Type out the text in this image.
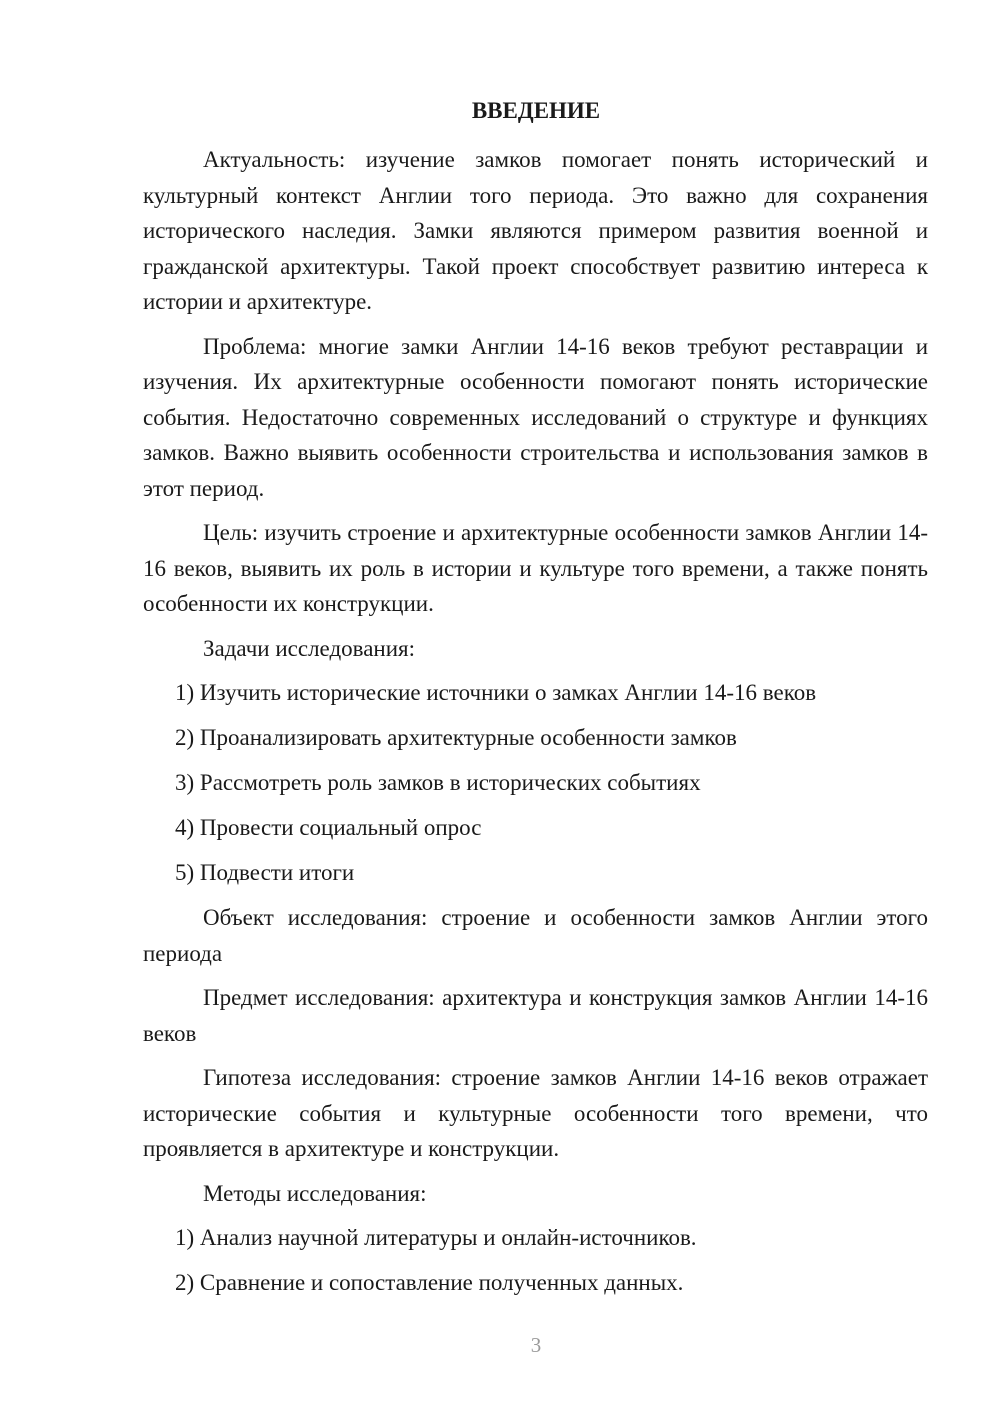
ВВЕДЕНИЕ

Актуальность: изучение замков помогает понять исторический и культурный контекст Англии того периода. Это важно для сохранения исторического наследия. Замки являются примером развития военной и гражданской архитектуры. Такой проект способствует развитию интереса к истории и архитектуре.

Проблема: многие замки Англии 14-16 веков требуют реставрации и изучения. Их архитектурные особенности помогают понять исторические события. Недостаточно современных исследований о структуре и функциях замков. Важно выявить особенности строительства и использования замков в этот период.

Цель: изучить строение и архитектурные особенности замков Англии 14-16 веков, выявить их роль в истории и культуре того времени, а также понять особенности их конструкции.

Задачи исследования:

1) Изучить исторические источники о замках Англии 14-16 веков

2) Проанализировать архитектурные особенности замков

3) Рассмотреть роль замков в исторических событиях

4) Провести социальный опрос

5) Подвести итоги

Объект исследования: строение и особенности замков Англии этого периода

Предмет исследования: архитектура и конструкция замков Англии 14-16 веков

Гипотеза исследования: строение замков Англии 14-16 веков отражает исторические события и культурные особенности того времени, что проявляется в архитектуре и конструкции.

Методы исследования:

1) Анализ научной литературы и онлайн-источников.

2) Сравнение и сопоставление полученных данных.

3
